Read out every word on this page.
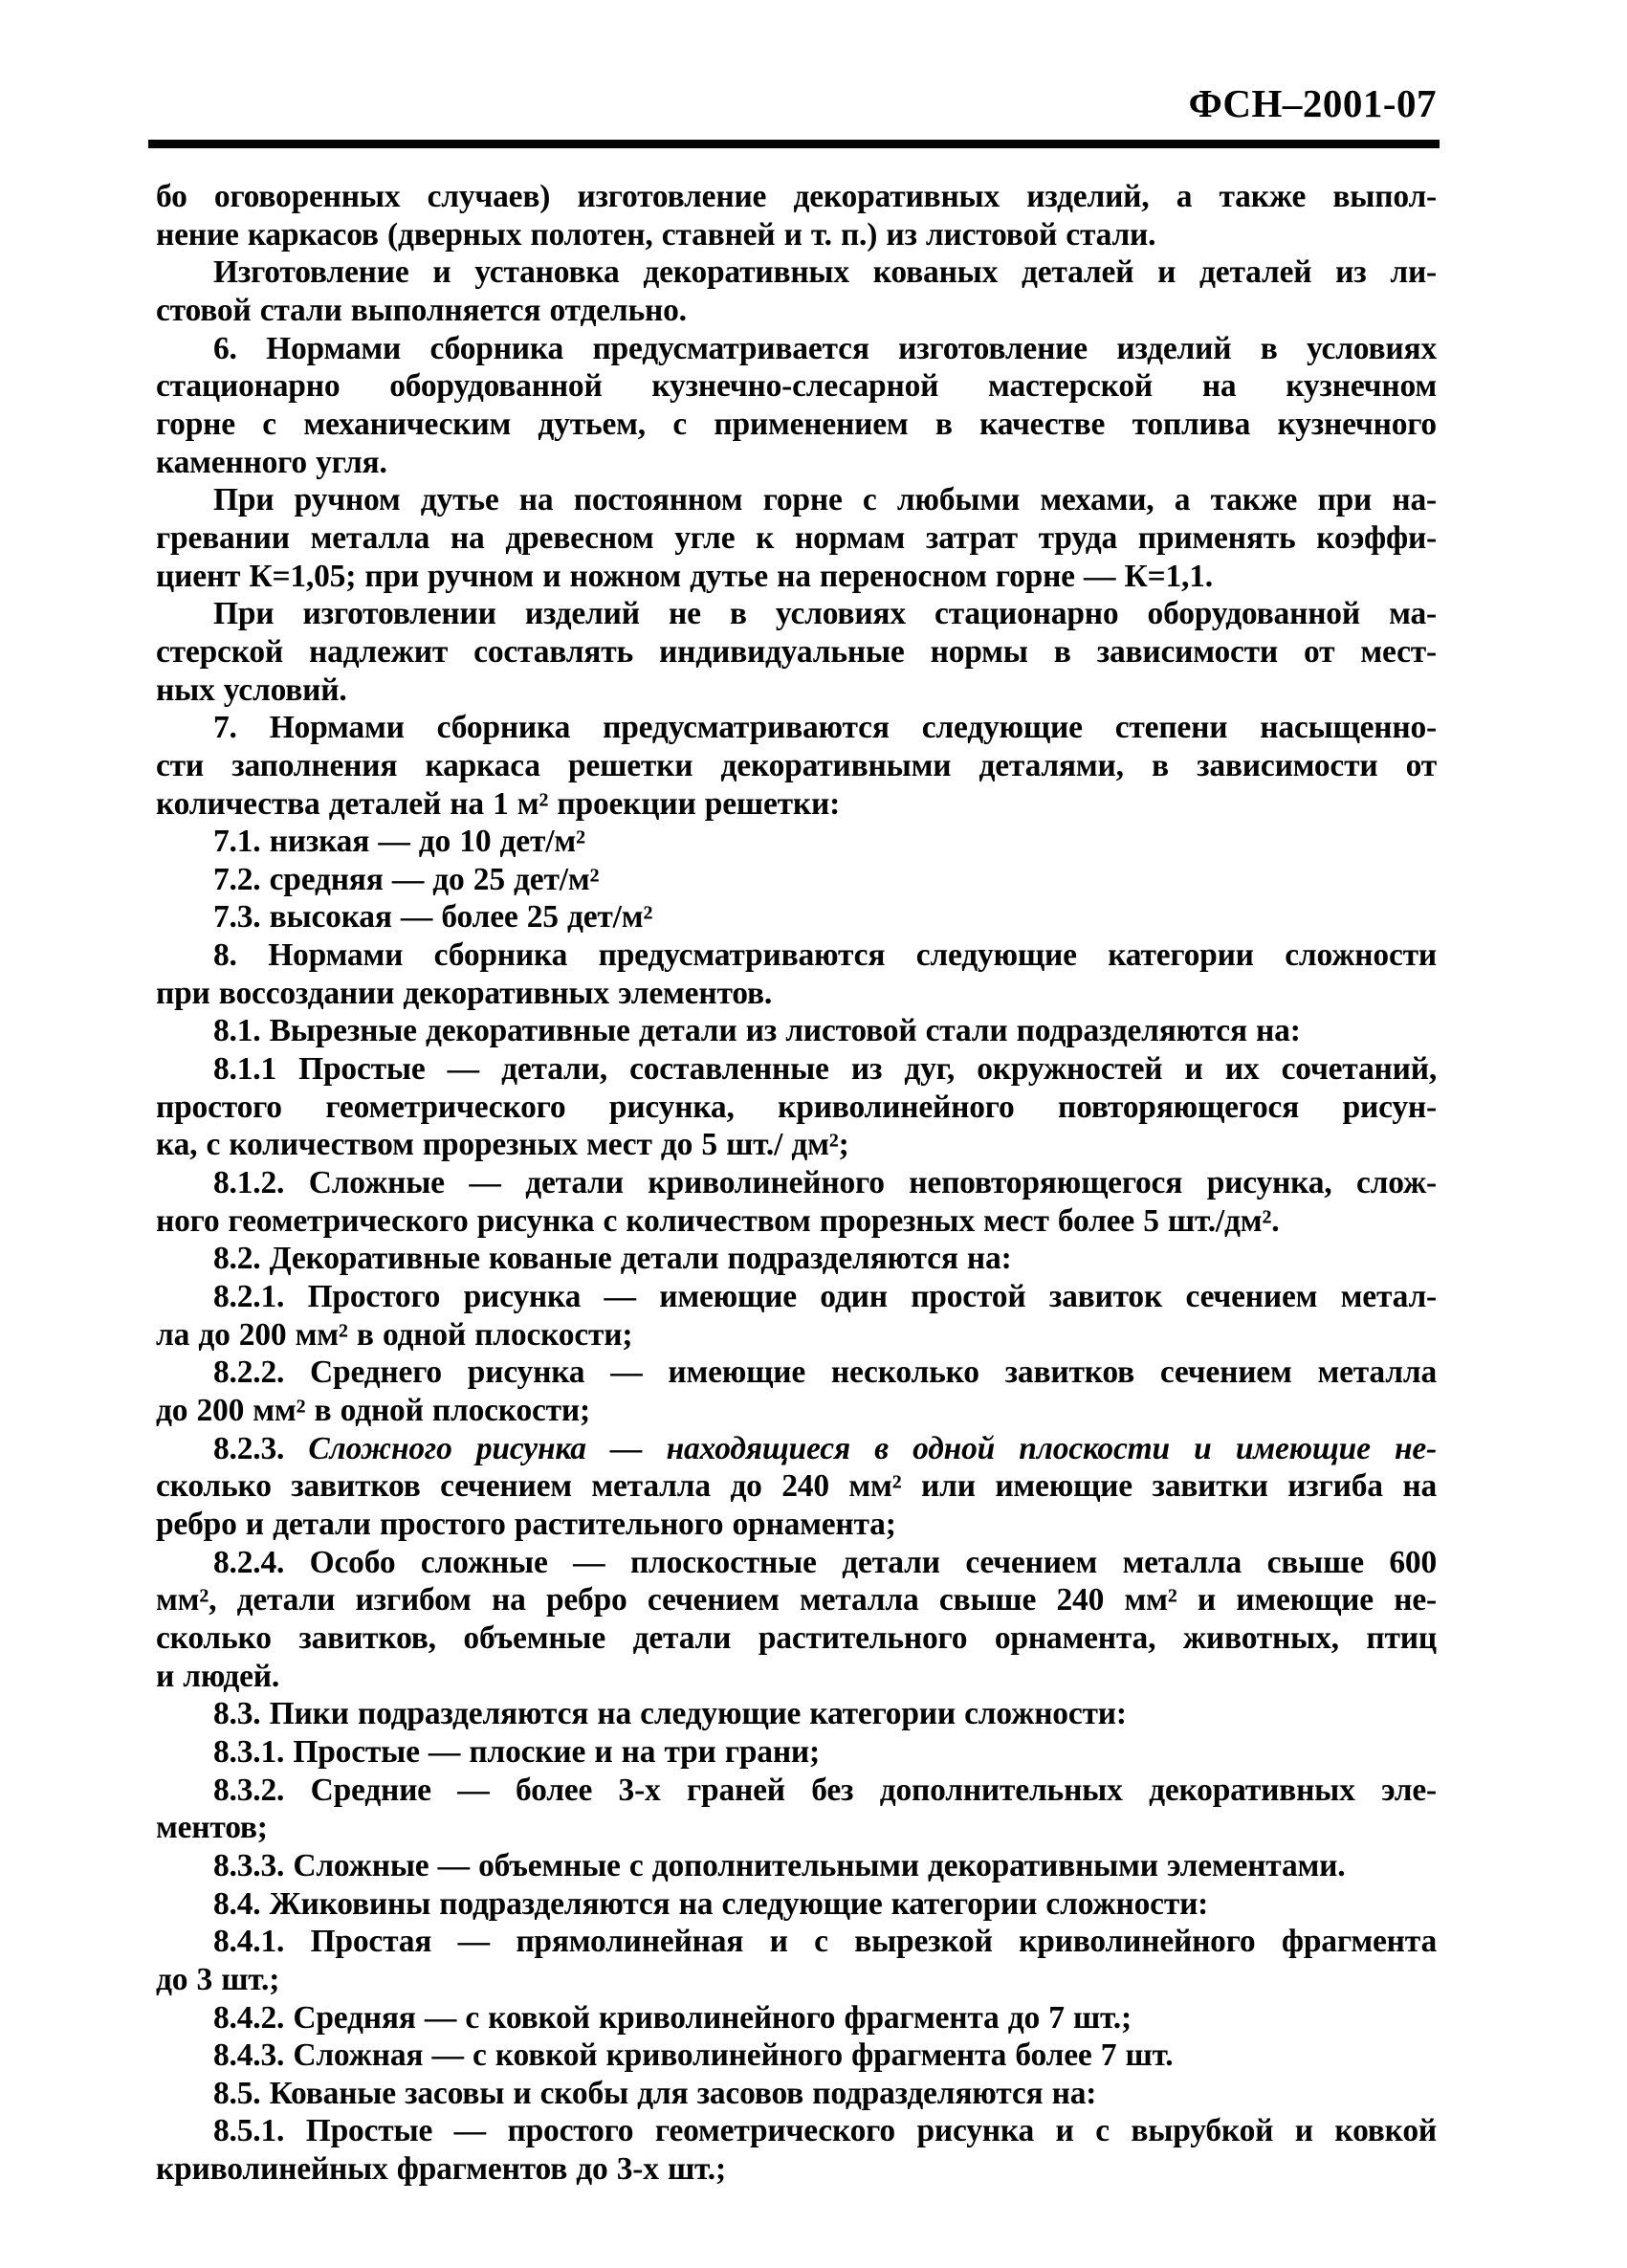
ФСН–2001-07
бо оговоренных случаев) изготовление декоративных изделий, а также выпол-
нение каркасов (дверных полотен, ставней и т. п.) из листовой стали.
Изготовление и установка декоративных кованых деталей и деталей из ли-
стовой стали выполняется отдельно.
6. Нормами сборника предусматривается изготовление изделий в условиях
стационарно оборудованной кузнечно-слесарной мастерской на кузнечном
горне с механическим дутьем, с применением в качестве топлива кузнечного
каменного угля.
При ручном дутье на постоянном горне с любыми мехами, а также при на-
гревании металла на древесном угле к нормам затрат труда применять коэффи-
циент К=1,05; при ручном и ножном дутье на переносном горне — К=1,1.
При изготовлении изделий не в условиях стационарно оборудованной ма-
стерской надлежит составлять индивидуальные нормы в зависимости от мест-
ных условий.
7. Нормами сборника предусматриваются следующие степени насыщенно-
сти заполнения каркаса решетки декоративными деталями, в зависимости от
количества деталей на 1 м² проекции решетки:
7.1. низкая — до 10 дет/м²
7.2. средняя — до 25 дет/м²
7.3. высокая — более 25 дет/м²
8. Нормами сборника предусматриваются следующие категории сложности
при воссоздании декоративных элементов.
8.1. Вырезные декоративные детали из листовой стали подразделяются на:
8.1.1 Простые — детали, составленные из дуг, окружностей и их сочетаний,
простого геометрического рисунка, криволинейного повторяющегося рисун-
ка, с количеством прорезных мест до 5 шт./ дм²;
8.1.2. Сложные — детали криволинейного неповторяющегося рисунка, слож-
ного геометрического рисунка с количеством прорезных мест более 5 шт./дм².
8.2. Декоративные кованые детали подразделяются на:
8.2.1. Простого рисунка — имеющие один простой завиток сечением метал-
ла до 200 мм² в одной плоскости;
8.2.2. Среднего рисунка — имеющие несколько завитков сечением металла
до 200 мм² в одной плоскости;
8.2.3. Сложного рисунка — находящиеся в одной плоскости и имеющие не-
сколько завитков сечением металла до 240 мм² или имеющие завитки изгиба на
ребро и детали простого растительного орнамента;
8.2.4. Особо сложные — плоскостные детали сечением металла свыше 600
мм², детали изгибом на ребро сечением металла свыше 240 мм² и имеющие не-
сколько завитков, объемные детали растительного орнамента, животных, птиц
и людей.
8.3. Пики подразделяются на следующие категории сложности:
8.3.1. Простые — плоские и на три грани;
8.3.2. Средние — более 3-х граней без дополнительных декоративных эле-
ментов;
8.3.3. Сложные — объемные с дополнительными декоративными элементами.
8.4. Жиковины подразделяются на следующие категории сложности:
8.4.1. Простая — прямолинейная и с вырезкой криволинейного фрагмента
до 3 шт.;
8.4.2. Средняя — с ковкой криволинейного фрагмента до 7 шт.;
8.4.3. Сложная — с ковкой криволинейного фрагмента более 7 шт.
8.5. Кованые засовы и скобы для засовов подразделяются на:
8.5.1. Простые — простого геометрического рисунка и с вырубкой и ковкой
криволинейных фрагментов до 3-х шт.;
